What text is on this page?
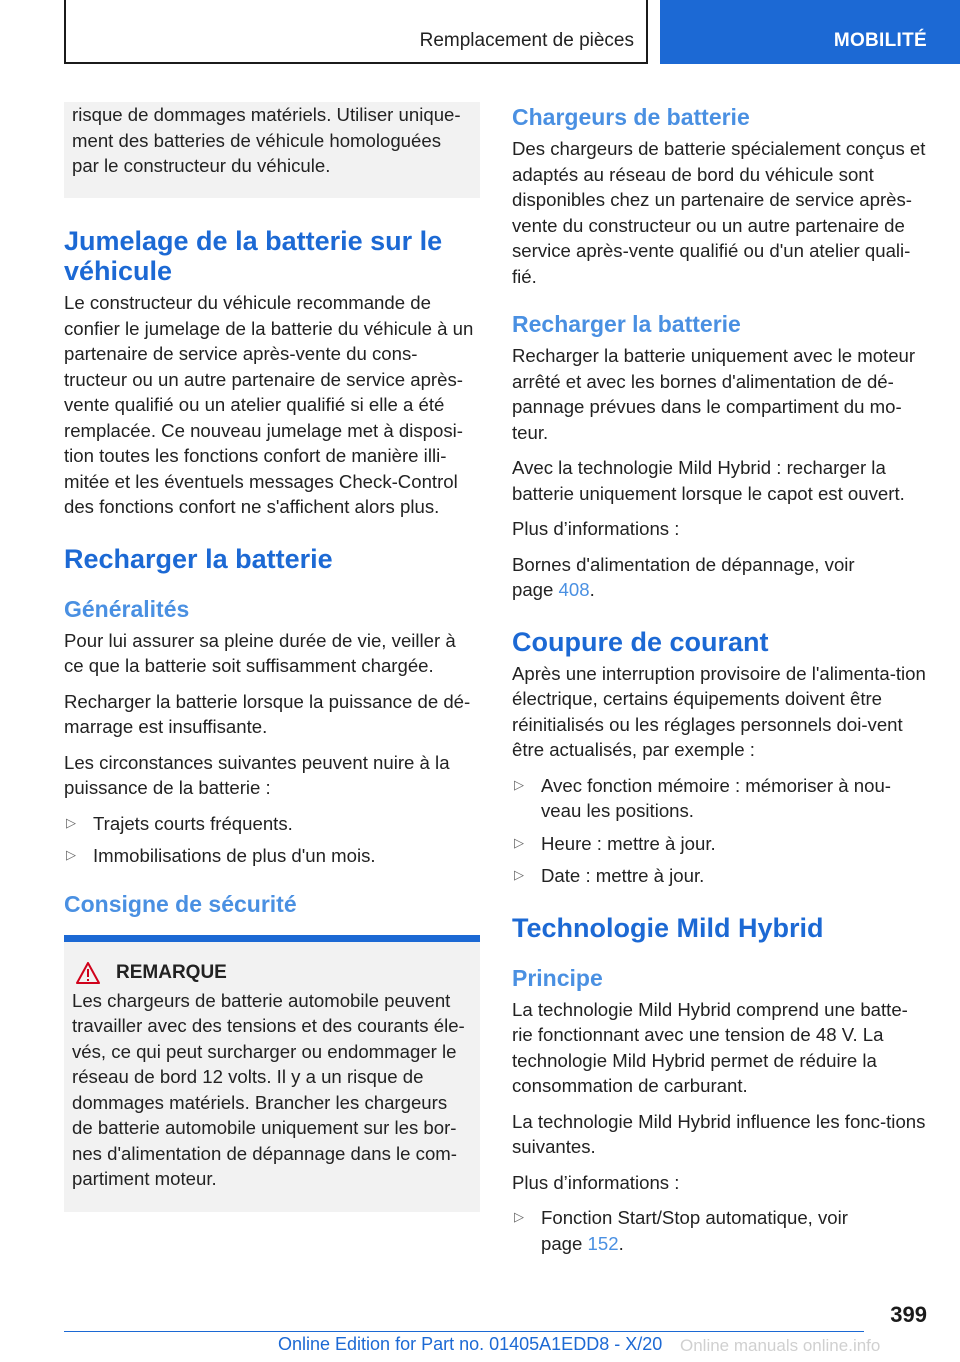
Remplacement de pièces	MOBILITÉ

risque de dommages matériels. Utiliser unique-ment des batteries de véhicule homologuées par le constructeur du véhicule.

Jumelage de la batterie sur le véhicule

Le constructeur du véhicule recommande de confier le jumelage de la batterie du véhicule à un partenaire de service après-vente du cons-tructeur ou un autre partenaire de service après-vente qualifié ou un atelier qualifié si elle a été remplacée. Ce nouveau jumelage met à disposi-tion toutes les fonctions confort de manière illi-mitée et les éventuels messages Check-Control des fonctions confort ne s'affichent alors plus.

Recharger la batterie
Généralités

Pour lui assurer sa pleine durée de vie, veiller à ce que la batterie soit suffisamment chargée.

Recharger la batterie lorsque la puissance de dé-marrage est insuffisante.

Les circonstances suivantes peuvent nuire à la puissance de la batterie :

▷ Trajets courts fréquents.
▷ Immobilisations de plus d'un mois.
Consigne de sécurité
REMARQUE

Les chargeurs de batterie automobile peuvent travailler avec des tensions et des courants éle-vés, ce qui peut surcharger ou endommager le réseau de bord 12 volts. Il y a un risque de dommages matériels. Brancher les chargeurs de batterie automobile uniquement sur les bor-nes d'alimentation de dépannage dans le com-partiment moteur.

Chargeurs de batterie

Des chargeurs de batterie spécialement conçus et adaptés au réseau de bord du véhicule sont disponibles chez un partenaire de service après-vente du constructeur ou un autre partenaire de service après-vente qualifié ou d'un atelier quali-fié.

Recharger la batterie

Recharger la batterie uniquement avec le moteur arrêté et avec les bornes d'alimentation de dé-pannage prévues dans le compartiment du mo-teur.

Avec la technologie Mild Hybrid : recharger la batterie uniquement lorsque le capot est ouvert.

Plus d’informations :

Bornes d'alimentation de dépannage, voir
page 408.

Coupure de courant

Après une interruption provisoire de l'alimenta-tion électrique, certains équipements doivent être réinitialisés ou les réglages personnels doi-vent être actualisés, par exemple :

▷ Avec fonction mémoire : mémoriser à nou-veau les positions.
▷ Heure : mettre à jour.
▷ Date : mettre à jour.
Technologie Mild Hybrid
Principe

La technologie Mild Hybrid comprend une batte-rie fonctionnant avec une tension de 48 V. La technologie Mild Hybrid permet de réduire la consommation de carburant.

La technologie Mild Hybrid influence les fonc-tions suivantes.

Plus d’informations :

▷ Fonction Start/Stop automatique, voir
page 152.
399
Online Edition for Part no. 01405A1EDD8 - X/20 Online manuals online.info
